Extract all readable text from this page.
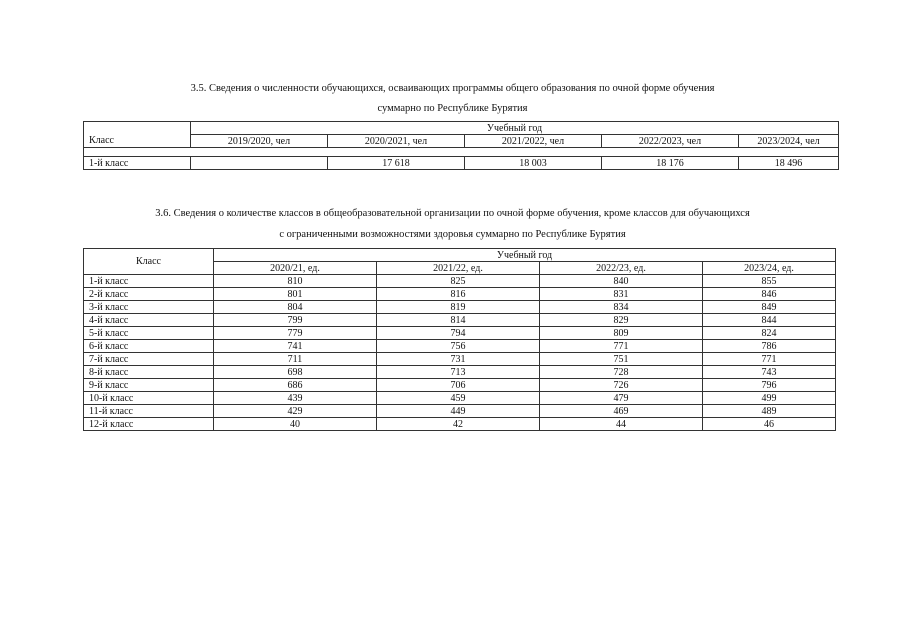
3.5. Сведения о численности обучающихся, осваивающих программы общего образования по очной форме обучения
суммарно по Республике Бурятия
	Учебный год				
Класс	2019/2020, чел	2020/2021, чел	2021/2022, чел	2022/2023, чел	2023/2024, чел

1-й класс		17 618	18 003	18 176	18 496
3.6. Сведения о количестве классов в общеобразовательной организации по очной форме обучения, кроме классов для обучающихся
с ограниченными возможностями здоровья суммарно по Республике Бурятия
Класс	Учебный год			
	2020/21, ед.	2021/22, ед.	2022/23, ед.	2023/24, ед.
1-й класс	810	825	840	855
2-й класс	801	816	831	846
3-й класс	804	819	834	849
4-й класс	799	814	829	844
5-й класс	779	794	809	824
6-й класс	741	756	771	786
7-й класс	711	731	751	771
8-й класс	698	713	728	743
9-й класс	686	706	726	796
10-й класс	439	459	479	499
11-й класс	429	449	469	489
12-й класс	40	42	44	46
